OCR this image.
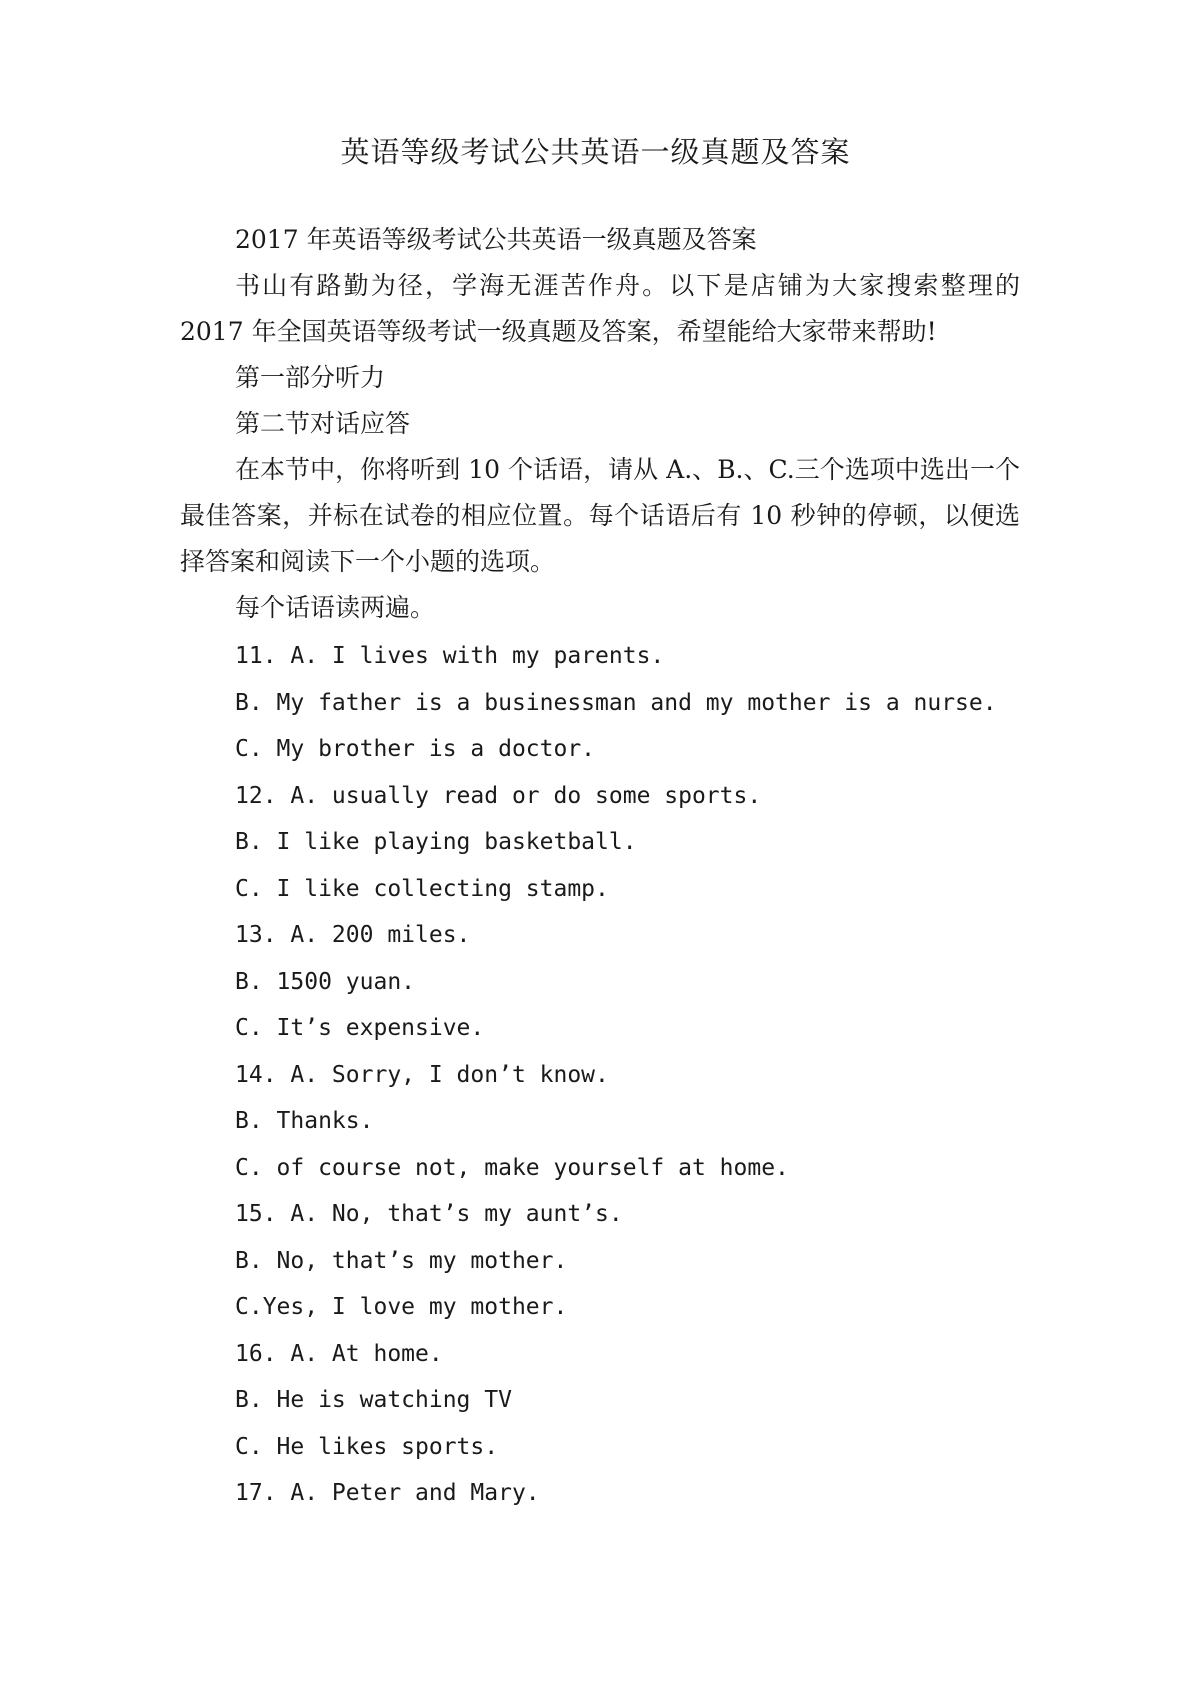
英语等级考试公共英语一级真题及答案

2017 年英语等级考试公共英语一级真题及答案

书山有路勤为径，学海无涯苦作舟。以下是店铺为大家搜索整理的2017 年全国英语等级考试一级真题及答案，希望能给大家带来帮助!

第一部分听力

第二节对话应答

在本节中，你将听到 10 个话语，请从 A.、B.、C.三个选项中选出一个最佳答案，并标在试卷的相应位置。每个话语后有 10 秒钟的停顿，以便选择答案和阅读下一个小题的选项。

每个话语读两遍。

11. A. I lives with my parents.
B. My father is a businessman and my mother is a nurse.
C. My brother is a doctor.
12. A. usually read or do some sports.
B. I like playing basketball.
C. I like collecting stamp.
13. A. 200 miles.
B. 1500 yuan.
C. It’s expensive.
14. A. Sorry, I don’t know.
B. Thanks.
C. of course not, make yourself at home.
15. A. No, that’s my aunt’s.
B. No, that’s my mother.
C.Yes, I love my mother.
16. A. At home.
B. He is watching TV
C. He likes sports.
17. A. Peter and Mary.
